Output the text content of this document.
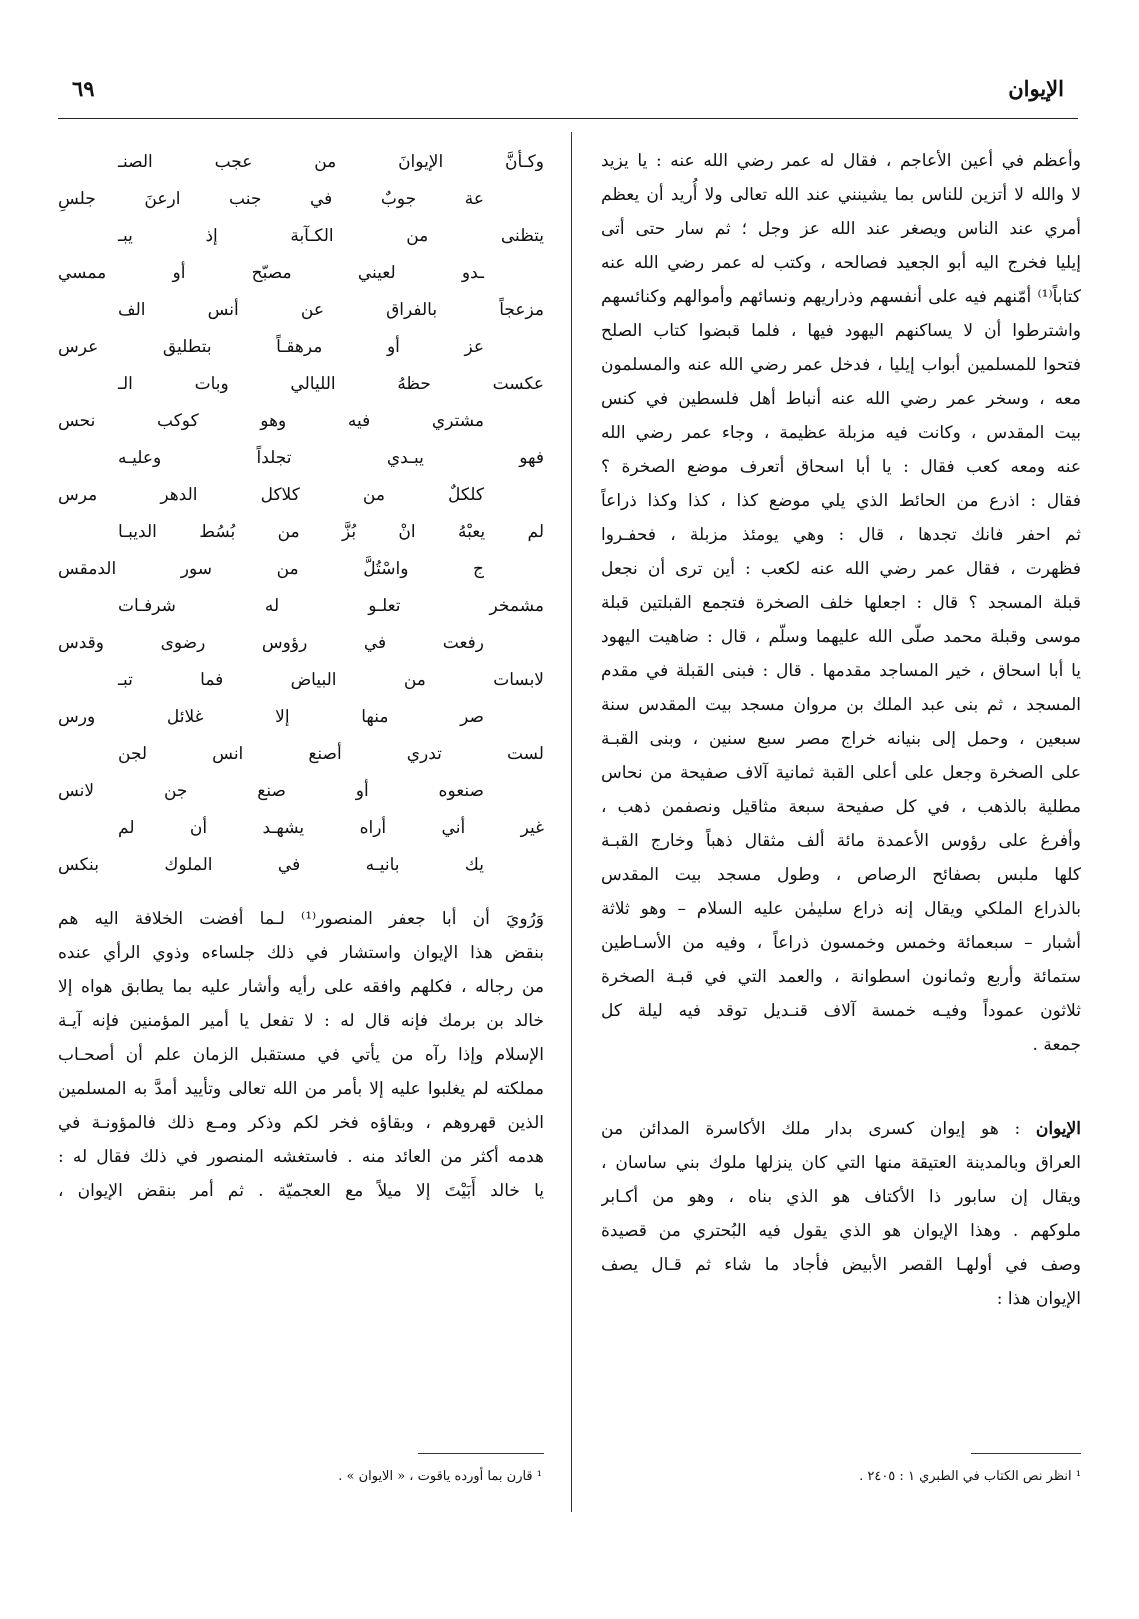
الإيوان
٦٩
وأعظم في أعين الأعاجم ، فقال له عمر رضي الله عنه : يا يزيد
لا والله لا أتزين للناس بما يشينني عند الله تعالى ولا أُريد أن يعظم
أمري عند الناس ويصغر عند الله عز وجل ؛ ثم سار حتى أتى
إيليا فخرج اليه أبو الجعيد فصالحه ، وكتب له عمر رضي الله عنه
كتاباً⁽¹⁾ أمّنهم فيه على أنفسهم وذراريهم ونسائهم وأموالهم وكنائسهم
واشترطوا أن لا يساكنهم اليهود فيها ، فلما قبضوا كتاب الصلح
فتحوا للمسلمين أبواب إيليا ، فدخل عمر رضي الله عنه والمسلمون
معه ، وسخر عمر رضي الله عنه أنباط أهل فلسطين في كنس
بيت المقدس ، وكانت فيه مزبلة عظيمة ، وجاء عمر رضي الله
عنه ومعه كعب فقال : يا أبا اسحاق أتعرف موضع الصخرة ؟
فقال : اذرع من الحائط الذي يلي موضع كذا ، كذا وكذا ذراعاً
ثم احفر فانك تجدها ، قال : وهي يومئذ مزبلة ، فحفـروا
فظهرت ، فقال عمر رضي الله عنه لكعب : أين ترى أن نجعل
قبلة المسجد ؟ قال : اجعلها خلف الصخرة فتجمع القبلتين قبلة
موسى وقبلة محمد صلّى الله عليهما وسلّم ، قال : ضاهيت اليهود
يا أبا اسحاق ، خير المساجد مقدمها . قال : فبنى القبلة في مقدم
المسجد ، ثم بنى عبد الملك بن مروان مسجد بيت المقدس سنة
سبعين ، وحمل إلى بنيانه خراج مصر سبع سنين ، وبنى القبـة
على الصخرة وجعل على أعلى القبة ثمانية آلاف صفيحة من نحاس
مطلية بالذهب ، في كل صفيحة سبعة مثاقيل ونصفمن ذهب ،
وأفرغ على رؤوس الأعمدة مائة ألف مثقال ذهباً وخارج القبـة
كلها ملبس بصفائح الرصاص ، وطول مسجد بيت المقدس
بالذراع الملكي ويقال إنه ذراع سليمٰن عليه السلام – وهو ثلاثة
أشبار – سبعمائة وخمس وخمسون ذراعاً ، وفيه من الأسـاطين
ستمائة وأربع وثمانون اسطوانة ، والعمد التي في قبـة الصخرة
ثلاثون عموداً وفيـه خمسة آلاف قنـديل توقد فيه ليلة كل
جمعة .
الإيوان : هو إيوان كسرى بدار ملك الأكاسرة المدائن من
العراق وبالمدينة العتيقة منها التي كان ينزلها ملوك بني ساسان ،
ويقال إن سابور ذا الأكتاف هو الذي بناه ، وهو من أكـابر
ملوكهم . وهذا الإيوان هو الذي يقول فيه البُحتري من قصيدة
وصف في أولهـا القصر الأبيض فأجاد ما شاء ثم قـال يصف
الإيوان هذا :
¹ انظر نص الكتاب في الطبري ١ : ٢٤٠٥ .
وكـأنَّ الإيوانَ من عجب الصنـ
عة جوبٌ في جنب ارعنَ جلسِ
يتظنى من الكـآبة إذ يبـ
ـدو لعيني مصبّح أو ممسي
مزعجاً بالفراق عن أنس الف
عز أو مرهقـاً بتطليق عرس
عكست حظهُ الليالي وبات الـ
مشتري فيه وهو كوكب نحس
فهو يبـدي تجلداً وعليـه
كلكلٌ من كلاكل الدهر مرس
لم يعبْهُ انْ بُزَّ من بُسُط الديبـا
ج واسْتُلَّ من سور الدمقس
مشمخر تعلـو له شرفـات
رفعت في رؤوس رضوى وقدس
لابسات من البياض فما تبـ
صر منها إلا غلائل ورس
لست تدري أصنع انس لجن
صنعوه أو صنع جن لانس
غير أني أراه يشهـد أن لم
يك بانيـه في الملوك بنكس
وَرُويَ أن أبا جعفر المنصور⁽¹⁾ لـما أفضت الخلافة اليه هم
بنقض هذا الإيوان واستشار في ذلك جلساءه وذوي الرأي عنده
من رجاله ، فكلهم وافقه على رأيه وأشار عليه بما يطابق هواه إلا
خالد بن برمك فإنه قال له : لا تفعل يا أمير المؤمنين فإنه آيـة
الإسلام وإذا رآه من يأتي في مستقبل الزمان علم أن أصحـاب
مملكته لم يغلبوا عليه إلا بأمر من الله تعالى وتأييد أمدَّ به المسلمين
الذين قهروهم ، وبقاؤه فخر لكم وذكر ومـع ذلك فالمؤونـة في
هدمه أكثر من العائد منه . فاستغشه المنصور في ذلك فقال له :
يا خالد أَبَيْتَ إلا ميلاً مع العجميّة . ثم أمر بنقض الإيوان ،
¹ قارن بما أورده ياقوت ، « الايوان » .
